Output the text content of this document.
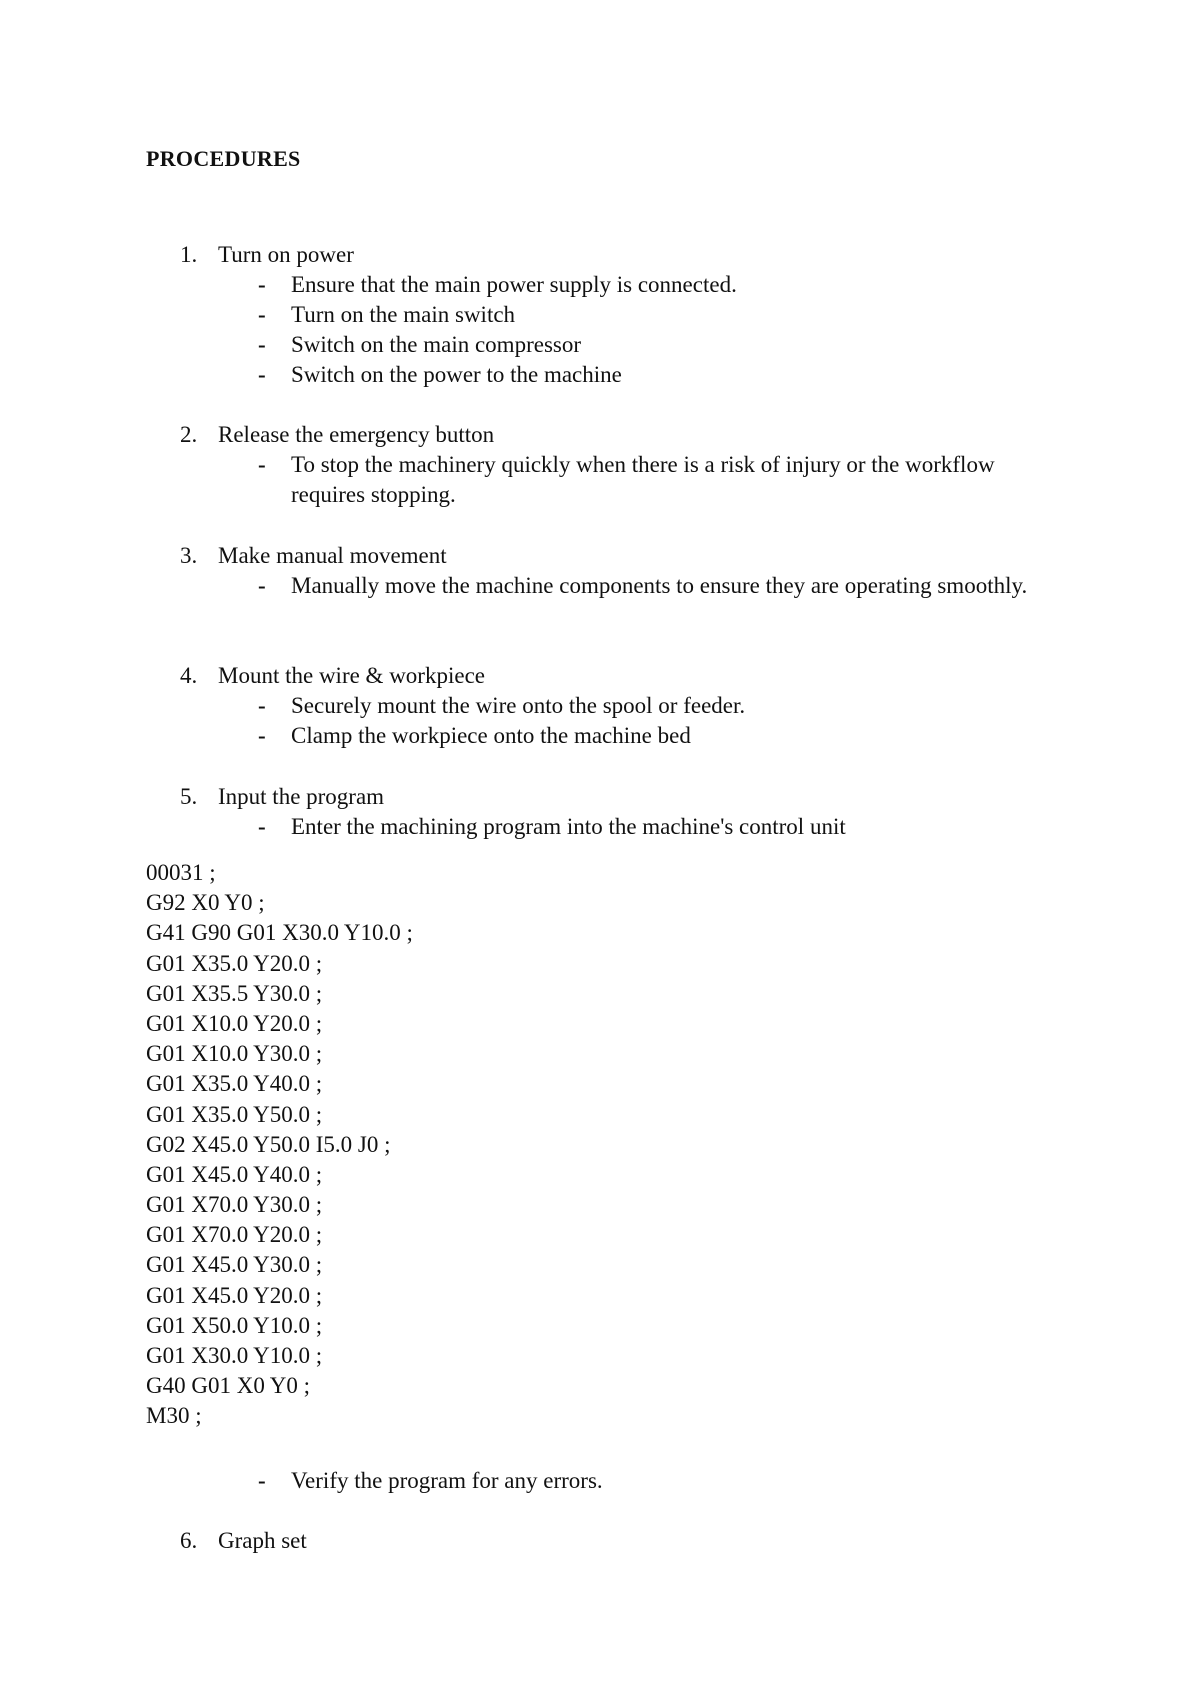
PROCEDURES
1. Turn on power
- Ensure that the main power supply is connected.
- Turn on the main switch
- Switch on the main compressor
- Switch on the power to the machine
2. Release the emergency button
- To stop the machinery quickly when there is a risk of injury or the workflow requires stopping.
3. Make manual movement
- Manually move the machine components to ensure they are operating smoothly.
4. Mount the wire & workpiece
- Securely mount the wire onto the spool or feeder.
- Clamp the workpiece onto the machine bed
5. Input the program
- Enter the machining program into the machine's control unit
00031 ;
G92 X0 Y0 ;
G41 G90 G01 X30.0 Y10.0 ;
G01 X35.0 Y20.0 ;
G01 X35.5 Y30.0 ;
G01 X10.0 Y20.0 ;
G01 X10.0 Y30.0 ;
G01 X35.0 Y40.0 ;
G01 X35.0 Y50.0 ;
G02 X45.0 Y50.0 I5.0 J0 ;
G01 X45.0 Y40.0 ;
G01 X70.0 Y30.0 ;
G01 X70.0 Y20.0 ;
G01 X45.0 Y30.0 ;
G01 X45.0 Y20.0 ;
G01 X50.0 Y10.0 ;
G01 X30.0 Y10.0 ;
G40 G01 X0 Y0 ;
M30 ;
- Verify the program for any errors.
6. Graph set
